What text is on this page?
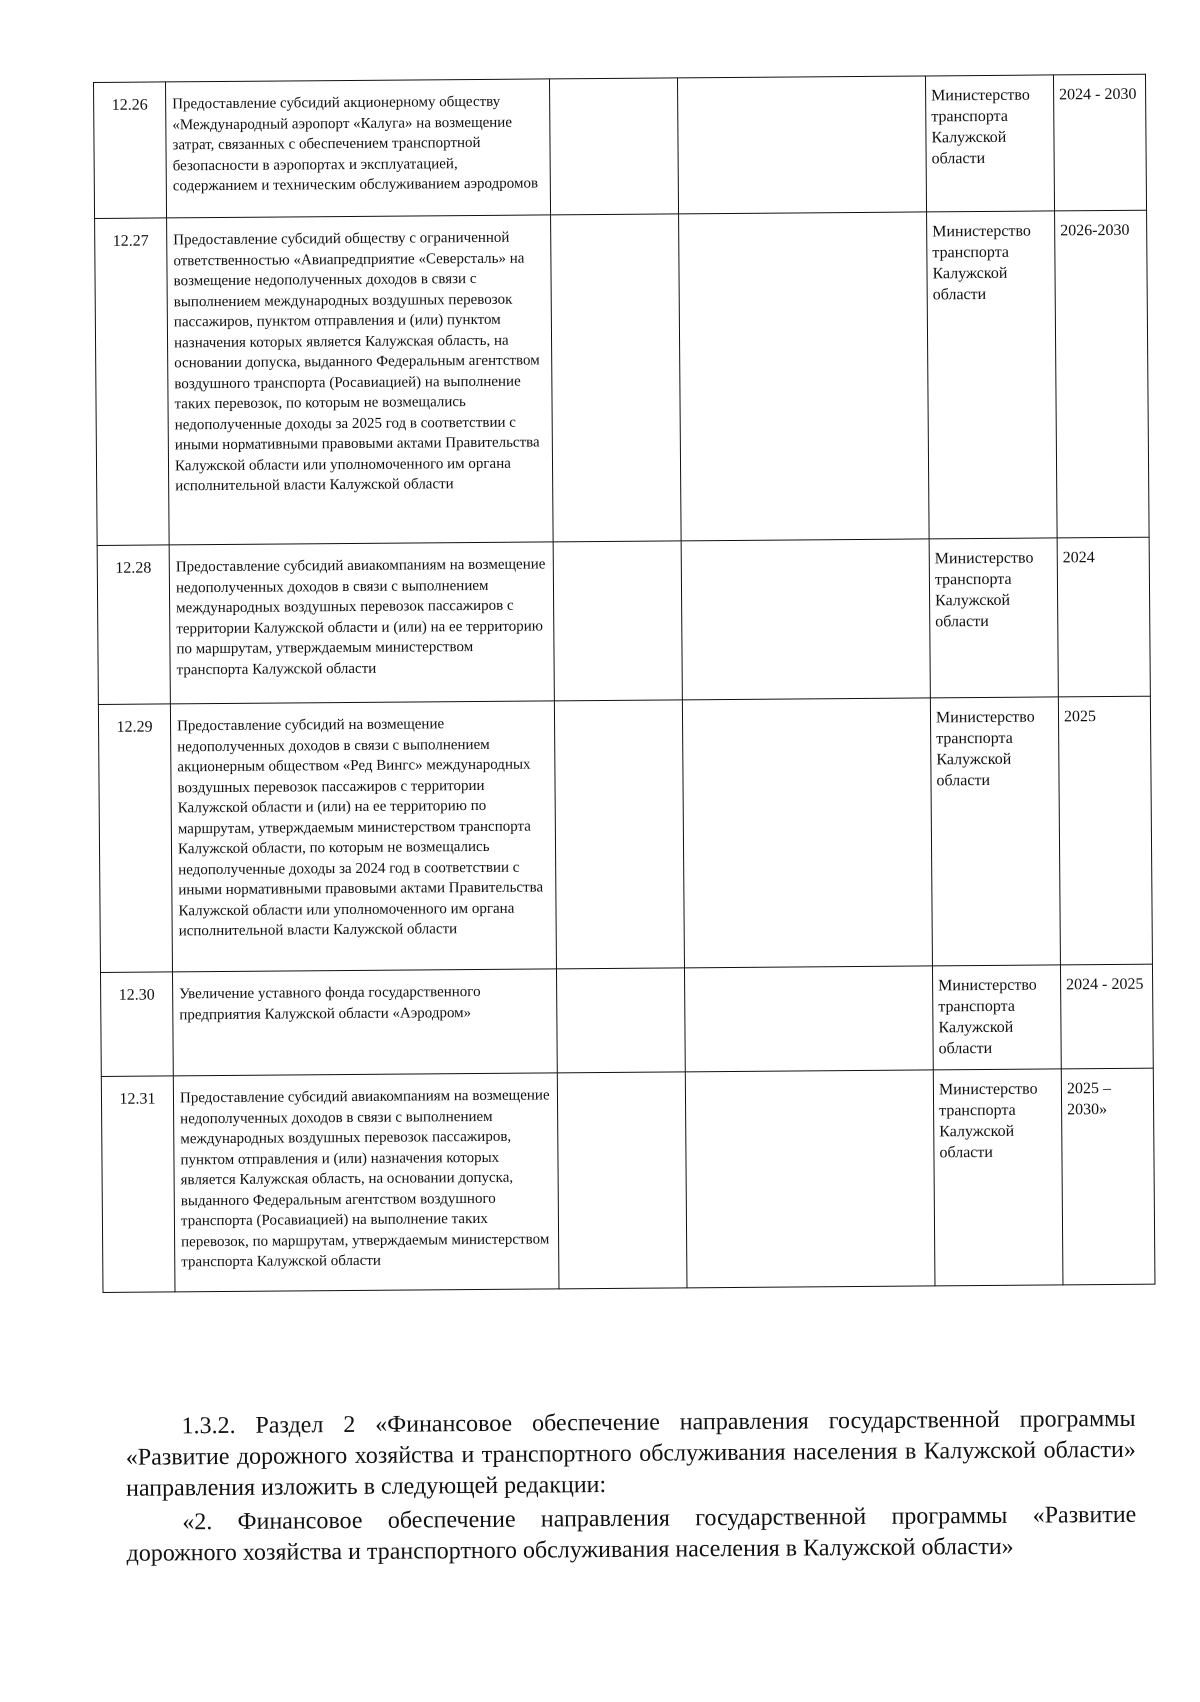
12.26	Предоставление субсидий акционерному обществу «Международный аэропорт «Калуга» на возмещение затрат, связанных с обеспечением транспортной безопасности в аэропортах и эксплуатацией, содержанием и техническим обслуживанием аэродромов			Министерство транспорта Калужской области	2024 - 2030

12.27	Предоставление субсидий обществу с ограниченной ответственностью «Авиапредприятие «Северсталь» на возмещение недополученных доходов в связи с выполнением международных воздушных перевозок пассажиров, пунктом отправления и (или) пунктом назначения которых является Калужская область, на основании допуска, выданного Федеральным агентством воздушного транспорта (Росавиацией) на выполнение таких перевозок, по которым не возмещались недополученные доходы за 2025 год в соответствии с иными нормативными правовыми актами Правительства Калужской области или уполномоченного им органа исполнительной власти Калужской области			Министерство транспорта Калужской области	2026-2030

12.28	Предоставление субсидий авиакомпаниям на возмещение недополученных доходов в связи с выполнением международных воздушных перевозок пассажиров с территории Калужской области и (или) на ее территорию по маршрутам, утверждаемым министерством транспорта Калужской области			Министерство транспорта Калужской области	2024

12.29	Предоставление субсидий на возмещение недополученных доходов в связи с выполнением акционерным обществом «Ред Вингс» международных воздушных перевозок пассажиров с территории Калужской области и (или) на ее территорию по маршрутам, утверждаемым министерством транспорта Калужской области, по которым не возмещались недополученные доходы за 2024 год в соответствии с иными нормативными правовыми актами Правительства Калужской области или уполномоченного им органа исполнительной власти Калужской области			Министерство транспорта Калужской области	2025

12.30	Увеличение уставного фонда государственного предприятия Калужской области «Аэродром»			Министерство транспорта Калужской области	2024 - 2025

12.31	Предоставление субсидий авиакомпаниям на возмещение недополученных доходов в связи с выполнением международных воздушных перевозок пассажиров, пунктом отправления и (или) назначения которых является Калужская область, на основании допуска, выданного Федеральным агентством воздушного транспорта (Росавиацией) на выполнение таких перевозок, по маршрутам, утверждаемым министерством транспорта Калужской области			Министерство транспорта Калужской области	2025 – 2030»

1.3.2. Раздел 2 «Финансовое обеспечение направления государственной программы «Развитие дорожного хозяйства и транспортного обслуживания населения в Калужской области» направления изложить в следующей редакции:

«2. Финансовое обеспечение направления государственной программы «Развитие дорожного хозяйства и транспортного обслуживания населения в Калужской области»
